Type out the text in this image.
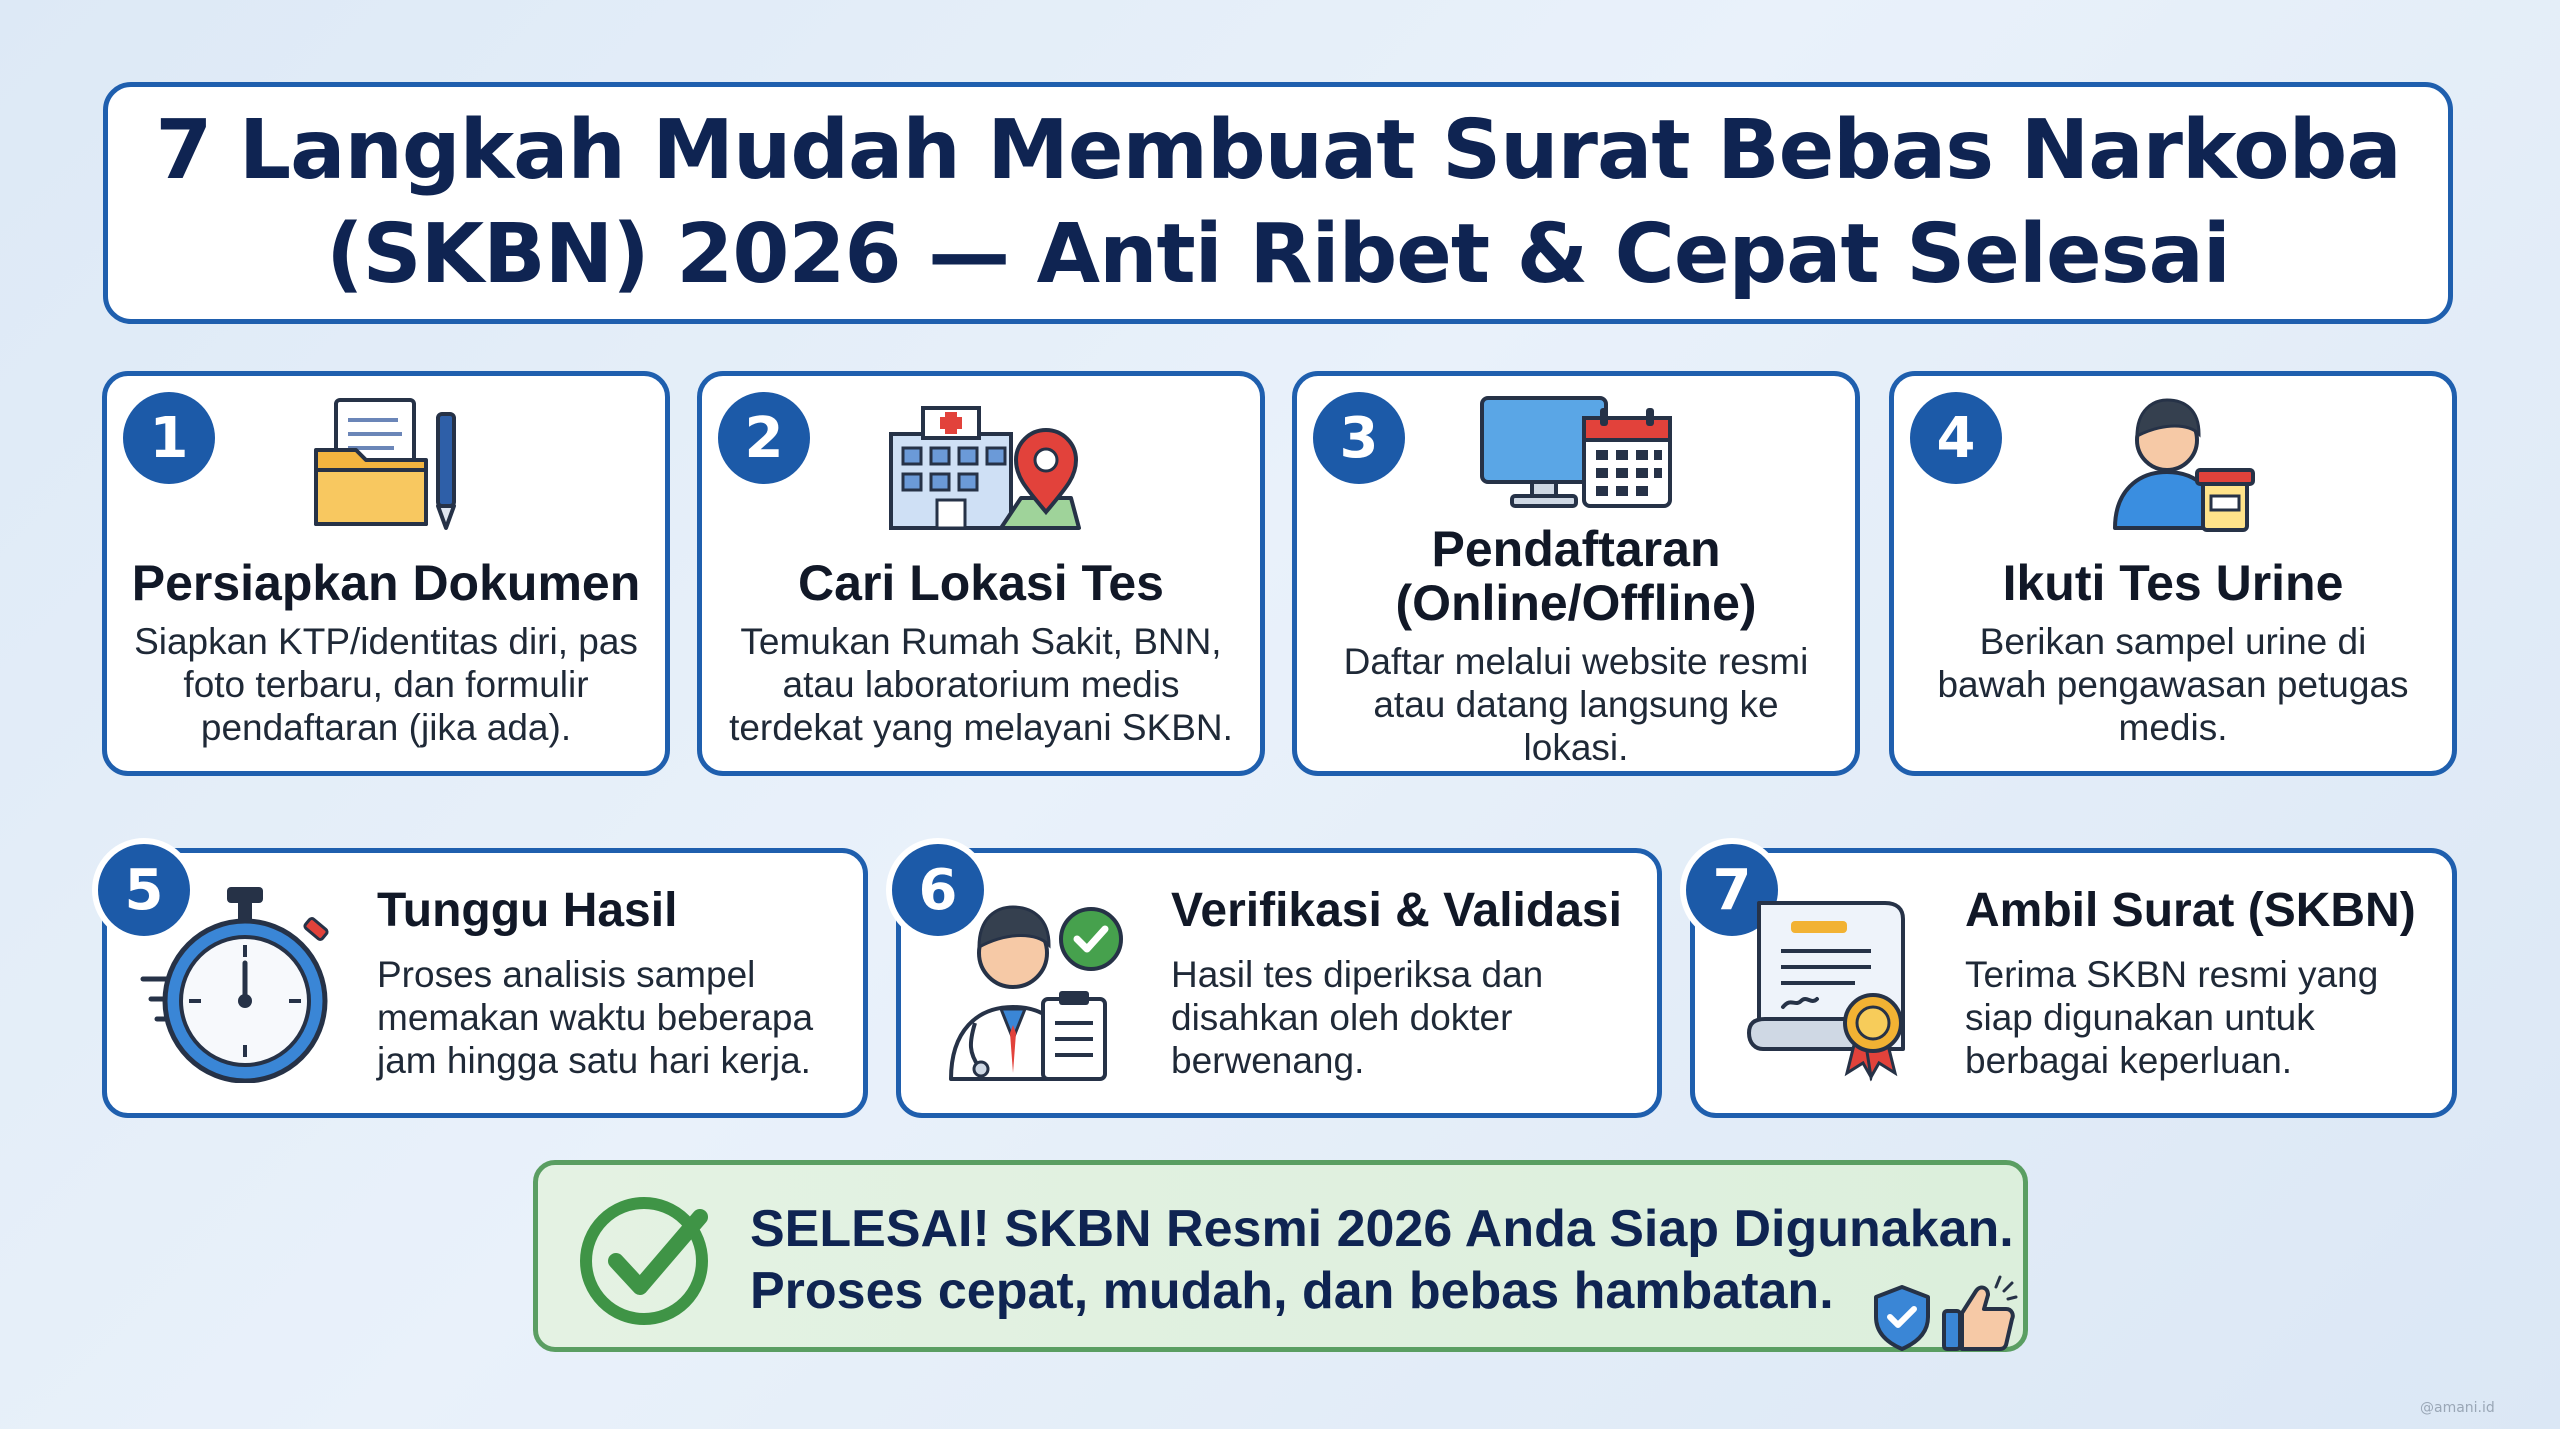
7 Langkah Mudah Membuat Surat Bebas Narkoba
(SKBN) 2026 — Anti Ribet & Cepat Selesai
1
Persiapkan Dokumen
Siapkan KTP/identitas diri, pas
foto terbaru, dan formulir
pendaftaran (jika ada).
2
Cari Lokasi Tes
Temukan Rumah Sakit, BNN,
atau laboratorium medis
terdekat yang melayani SKBN.
3
Pendaftaran
(Online/Offline)
Daftar melalui website resmi
atau datang langsung ke
lokasi.
4
Ikuti Tes Urine
Berikan sampel urine di
bawah pengawasan petugas
medis.
5	Tunggu Hasil
Proses analisis sampel
memakan waktu beberapa
jam hingga satu hari kerja.
6	Verifikasi & Validasi
Hasil tes diperiksa dan
disahkan oleh dokter
berwenang.
7	Ambil Surat (SKBN)
Terima SKBN resmi yang
siap digunakan untuk
berbagai keperluan.
SELESAI! SKBN Resmi 2026 Anda Siap Digunakan.
Proses cepat, mudah, dan bebas hambatan.
@amani.id
